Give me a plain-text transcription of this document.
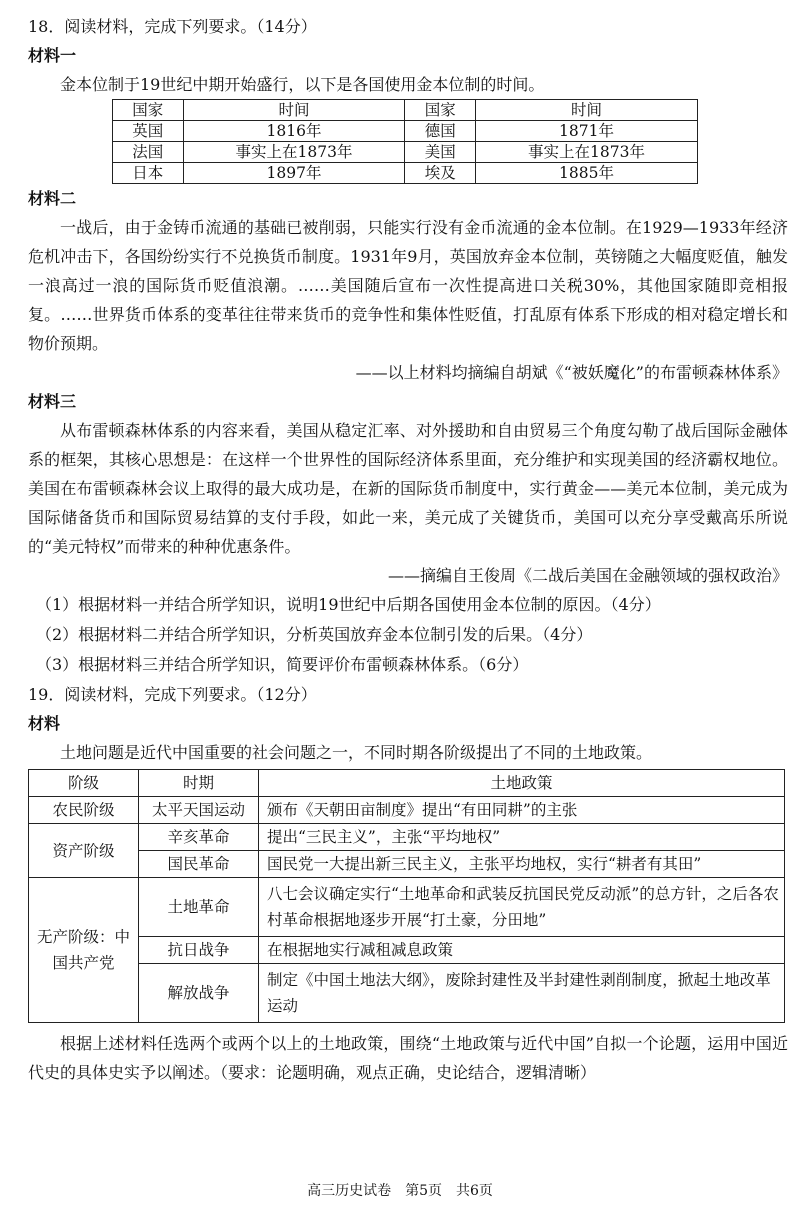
18．阅读材料，完成下列要求。（14分）
材料一
金本位制于19世纪中期开始盛行，以下是各国使用金本位制的时间。
国家	时间	国家	时间
英国	1816年	德国	1871年
法国	事实上在1873年	美国	事实上在1873年
日本	1897年	埃及	1885年
材料二
一战后，由于金铸币流通的基础已被削弱，只能实行没有金币流通的金本位制。在1929—1933年经济危机冲击下，各国纷纷实行不兑换货币制度。1931年9月，英国放弃金本位制，英镑随之大幅度贬值，触发一浪高过一浪的国际货币贬值浪潮。……美国随后宣布一次性提高进口关税30%，其他国家随即竞相报复。……世界货币体系的变革往往带来货币的竞争性和集体性贬值，打乱原有体系下形成的相对稳定增长和物价预期。
——以上材料均摘编自胡斌《“被妖魔化”的布雷顿森林体系》
材料三
从布雷顿森林体系的内容来看，美国从稳定汇率、对外援助和自由贸易三个角度勾勒了战后国际金融体系的框架，其核心思想是：在这样一个世界性的国际经济体系里面，充分维护和实现美国的经济霸权地位。美国在布雷顿森林会议上取得的最大成功是，在新的国际货币制度中，实行黄金——美元本位制，美元成为国际储备货币和国际贸易结算的支付手段，如此一来，美元成了关键货币，美国可以充分享受戴高乐所说的“美元特权”而带来的种种优惠条件。
——摘编自王俊周《二战后美国在金融领域的强权政治》
（1）根据材料一并结合所学知识，说明19世纪中后期各国使用金本位制的原因。（4分）
（2）根据材料二并结合所学知识，分析英国放弃金本位制引发的后果。（4分）
（3）根据材料三并结合所学知识，简要评价布雷顿森林体系。（6分）
19．阅读材料，完成下列要求。（12分）
材料
土地问题是近代中国重要的社会问题之一，不同时期各阶级提出了不同的土地政策。
阶级	时期	土地政策
农民阶级	太平天国运动	颁布《天朝田亩制度》提出“有田同耕”的主张
资产阶级	辛亥革命	提出“三民主义”，主张“平均地权”
	国民革命	国民党一大提出新三民主义，主张平均地权，实行“耕者有其田”
无产阶级：中国共产党	土地革命	八七会议确定实行“土地革命和武装反抗国民党反动派”的总方针，之后各农村革命根据地逐步开展“打土豪，分田地”
	抗日战争	在根据地实行减租减息政策
	解放战争	制定《中国土地法大纲》，废除封建性及半封建性剥削制度，掀起土地改革运动
根据上述材料任选两个或两个以上的土地政策，围绕“土地政策与近代中国”自拟一个论题，运用中国近代史的具体史实予以阐述。（要求：论题明确，观点正确，史论结合，逻辑清晰）
高三历史试卷　第5页　共6页
